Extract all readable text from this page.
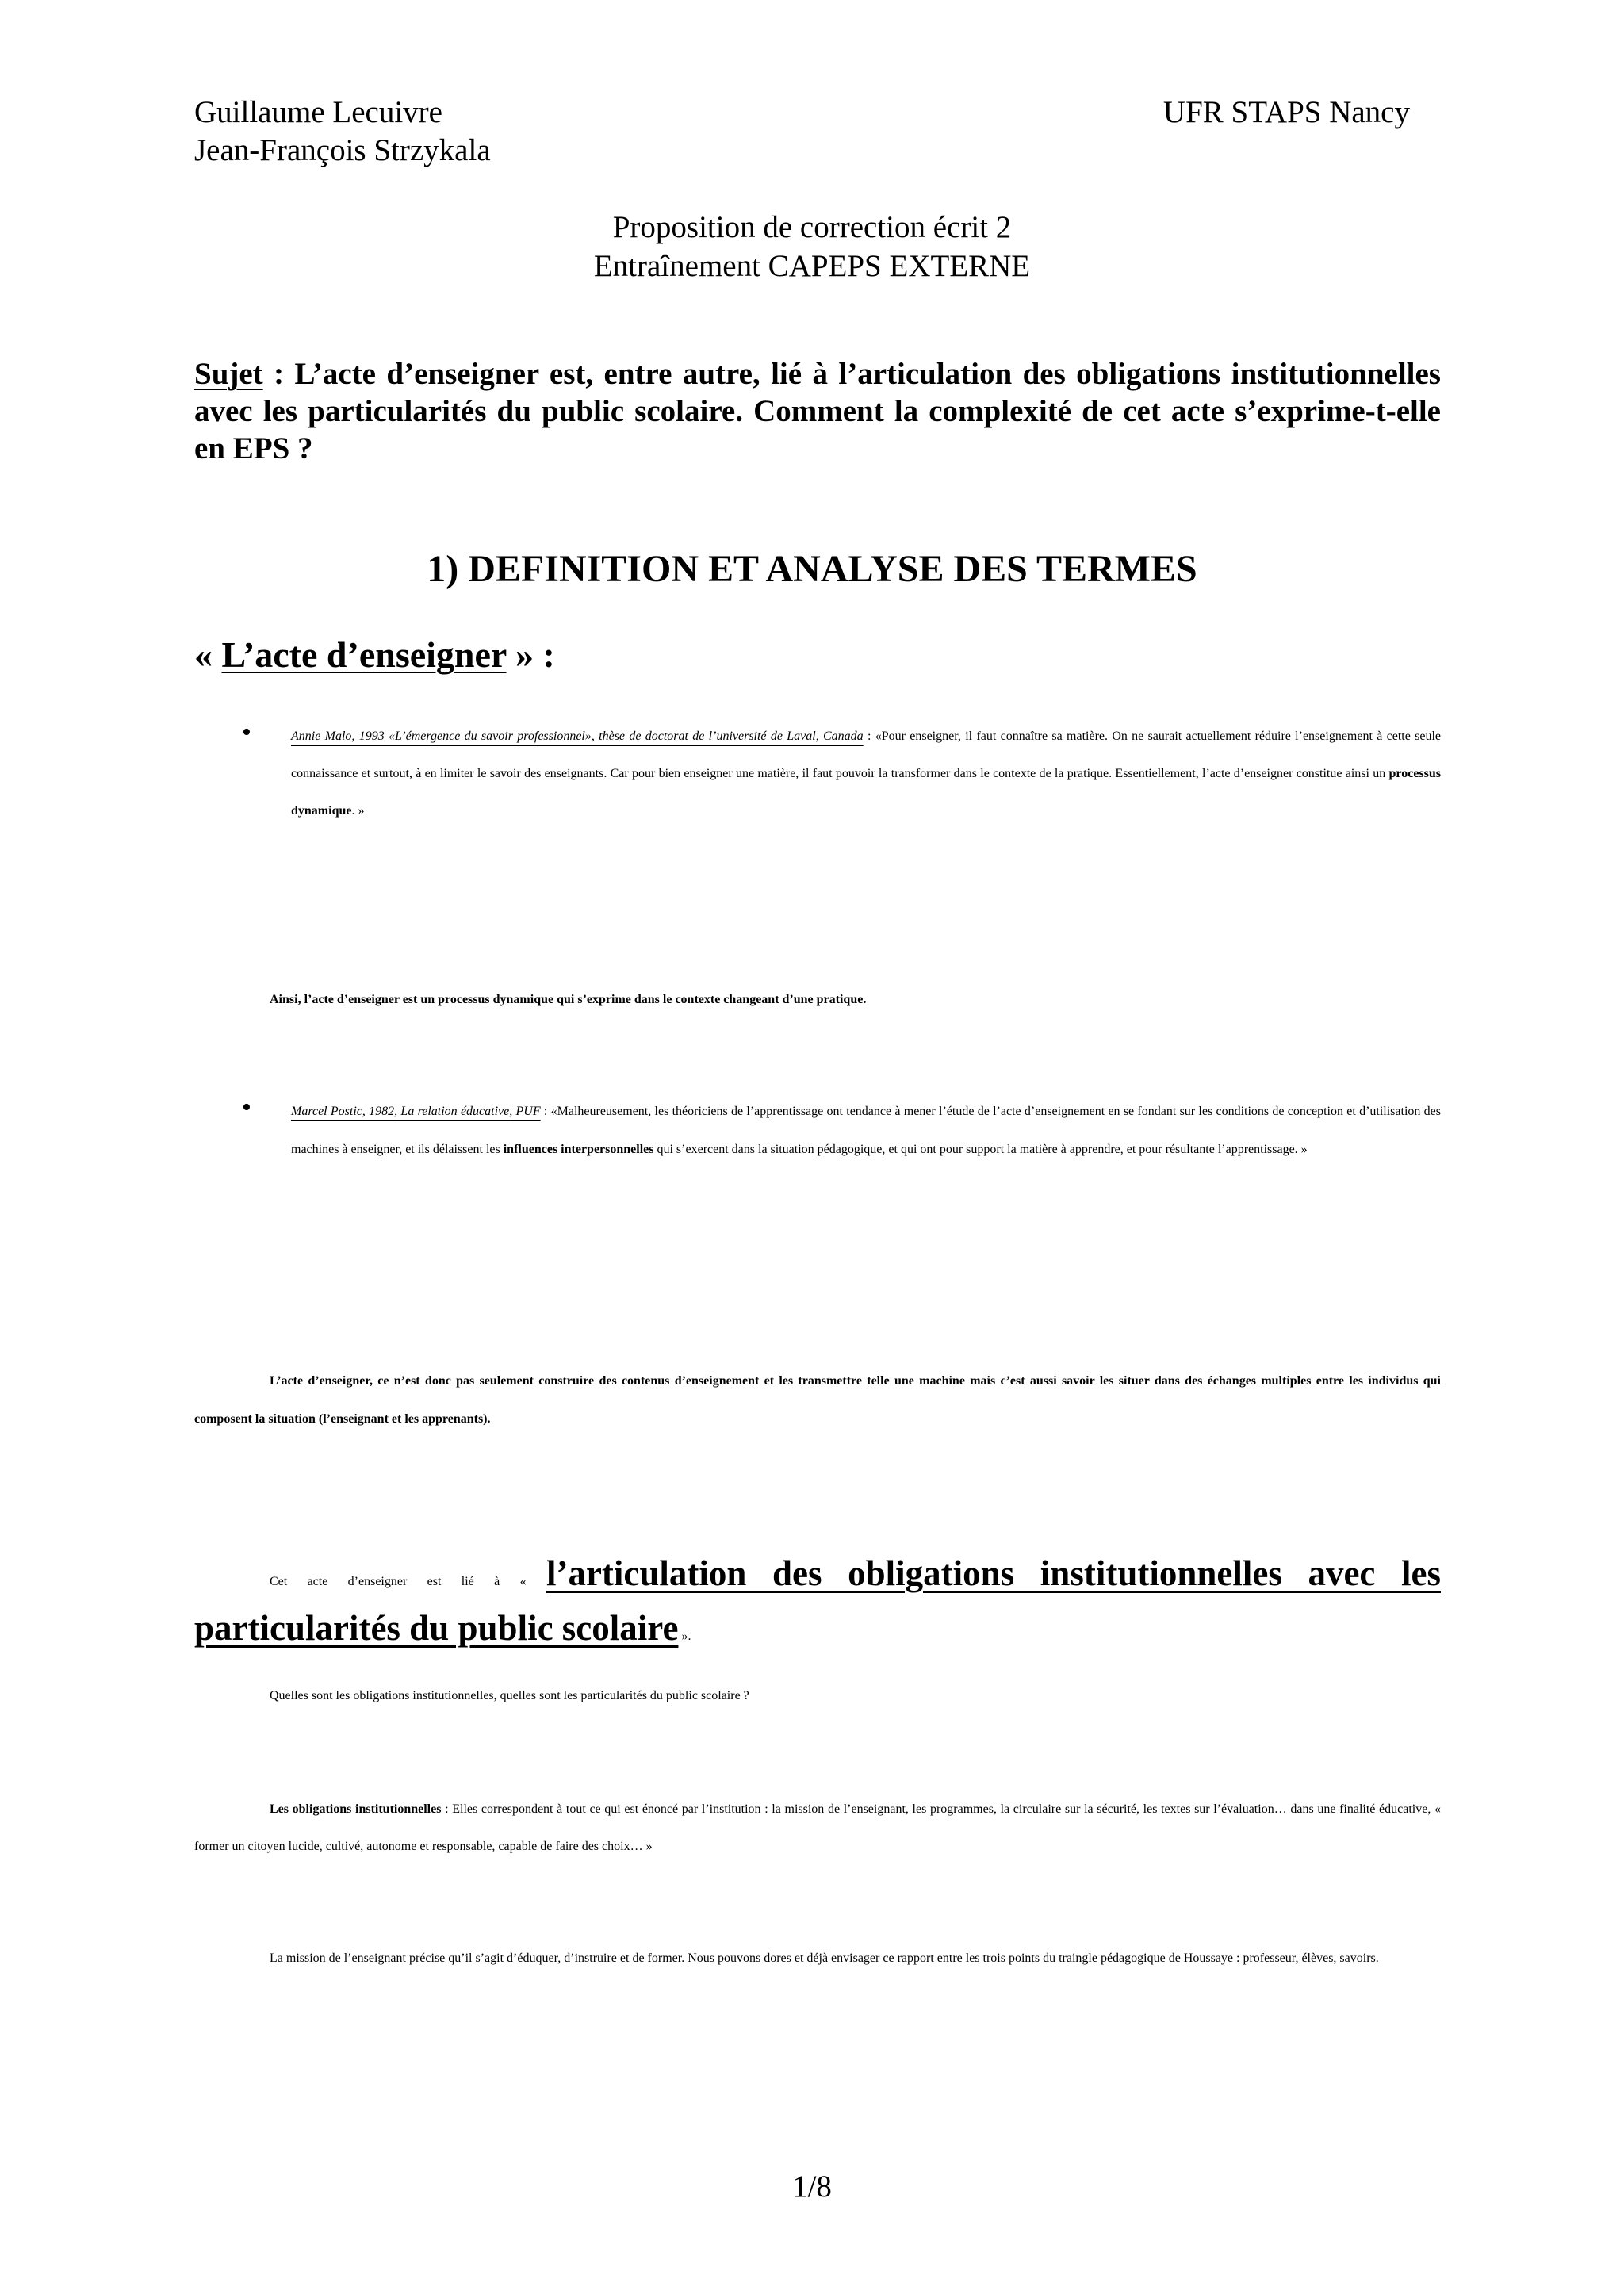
Guillaume Lecuivre
Jean-François Strzykala
UFR STAPS Nancy
Proposition de correction écrit 2
Entraînement CAPEPS EXTERNE

Sujet : L’acte d’enseigner est, entre autre, lié à l’articulation des obligations institutionnelles avec les particularités du public scolaire. Comment la complexité de cet acte s’exprime-t-elle en EPS ?

1) DEFINITION ET ANALYSE DES TERMES
« L’acte d’enseigner » :
•	Annie Malo, 1993 «L’émergence du savoir professionnel», thèse de doctorat de l’université de Laval, Canada : «Pour enseigner, il faut connaître sa matière. On ne saurait actuellement réduire l’enseignement à cette seule connaissance et surtout, à en limiter le savoir des enseignants. Car pour bien enseigner une matière, il faut pouvoir la transformer dans le contexte de la pratique. Essentiellement, l’acte d’enseigner constitue ainsi un processus dynamique. »

Ainsi, l’acte d’enseigner est un processus dynamique qui s’exprime dans le contexte changeant d’une pratique.

•	Marcel Postic, 1982, La relation éducative, PUF : «Malheureusement, les théoriciens de l’apprentissage ont tendance à mener l’étude de l’acte d’enseignement en se fondant sur les conditions de conception et d’utilisation des machines à enseigner, et ils délaissent les influences interpersonnelles qui s’exercent dans la situation pédagogique, et qui ont pour support la matière à apprendre, et pour résultante l’apprentissage. »

L’acte d’enseigner, ce n’est donc pas seulement construire des contenus d’enseignement et les transmettre telle une machine mais c’est aussi savoir les situer dans des échanges multiples entre les individus qui composent la situation (l’enseignant et les apprenants).

Cet acte d’enseigner est lié à « l’articulation des obligations institutionnelles avec les particularités du public scolaire ».

Quelles sont les obligations institutionnelles, quelles sont les particularités du public scolaire ?

Les obligations institutionnelles : Elles correspondent à tout ce qui est énoncé par l’institution : la mission de l’enseignant, les programmes, la circulaire sur la sécurité, les textes sur l’évaluation… dans une finalité éducative, « former un citoyen lucide, cultivé, autonome et responsable, capable de faire des choix… »

La mission de l’enseignant précise qu’il s’agit d’éduquer, d’instruire et de former. Nous pouvons dores et déjà envisager ce rapport entre les trois points du traingle pédagogique de Houssaye : professeur, élèves, savoirs.

1/8
